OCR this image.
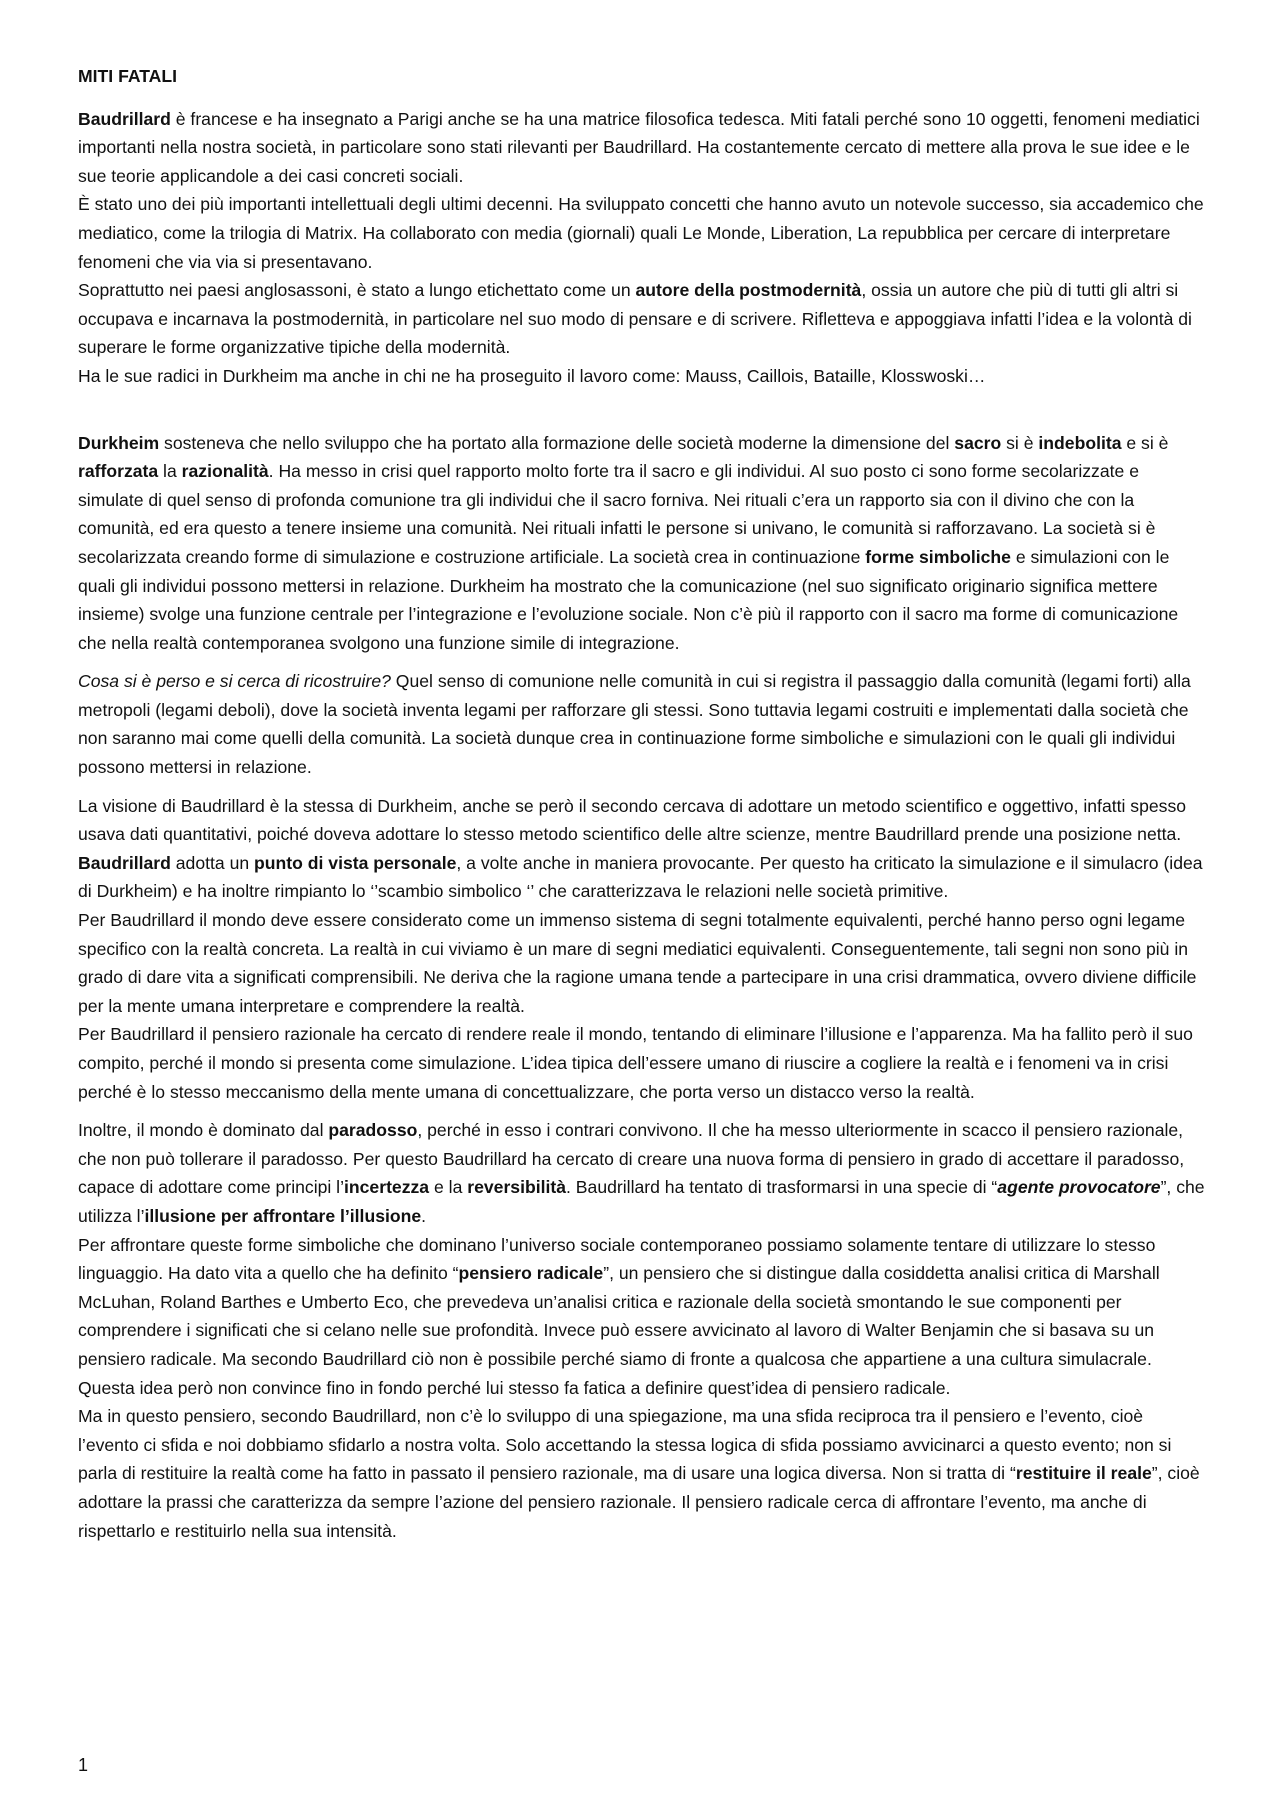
MITI FATALI

Baudrillard è francese e ha insegnato a Parigi anche se ha una matrice filosofica tedesca. Miti fatali perché sono 10 oggetti, fenomeni mediatici importanti nella nostra società, in particolare sono stati rilevanti per Baudrillard. Ha costantemente cercato di mettere alla prova le sue idee e le sue teorie applicandole a dei casi concreti sociali.

È stato uno dei più importanti intellettuali degli ultimi decenni. Ha sviluppato concetti che hanno avuto un notevole successo, sia accademico che mediatico, come la trilogia di Matrix. Ha collaborato con media (giornali) quali Le Monde, Liberation, La repubblica per cercare di interpretare fenomeni che via via si presentavano.

Soprattutto nei paesi anglosassoni, è stato a lungo etichettato come un autore della postmodernità, ossia un autore che più di tutti gli altri si occupava e incarnava la postmodernità, in particolare nel suo modo di pensare e di scrivere. Rifletteva e appoggiava infatti l’idea e la volontà di superare le forme organizzative tipiche della modernità.

Ha le sue radici in Durkheim ma anche in chi ne ha proseguito il lavoro come: Mauss, Caillois, Bataille, Klosswoski…

Durkheim sosteneva che nello sviluppo che ha portato alla formazione delle società moderne la dimensione del sacro si è indebolita e si è rafforzata la razionalità. Ha messo in crisi quel rapporto molto forte tra il sacro e gli individui. Al suo posto ci sono forme secolarizzate e simulate di quel senso di profonda comunione tra gli individui che il sacro forniva. Nei rituali c’era un rapporto sia con il divino che con la comunità, ed era questo a tenere insieme una comunità. Nei rituali infatti le persone si univano, le comunità si rafforzavano. La società si è secolarizzata creando forme di simulazione e costruzione artificiale. La società crea in continuazione forme simboliche e simulazioni con le quali gli individui possono mettersi in relazione. Durkheim ha mostrato che la comunicazione (nel suo significato originario significa mettere insieme) svolge una funzione centrale per l’integrazione e l’evoluzione sociale. Non c’è più il rapporto con il sacro ma forme di comunicazione che nella realtà contemporanea svolgono una funzione simile di integrazione.

Cosa si è perso e si cerca di ricostruire? Quel senso di comunione nelle comunità in cui si registra il passaggio dalla comunità (legami forti) alla metropoli (legami deboli), dove la società inventa legami per rafforzare gli stessi. Sono tuttavia legami costruiti e implementati dalla società che non saranno mai come quelli della comunità. La società dunque crea in continuazione forme simboliche e simulazioni con le quali gli individui possono mettersi in relazione.

La visione di Baudrillard è la stessa di Durkheim, anche se però il secondo cercava di adottare un metodo scientifico e oggettivo, infatti spesso usava dati quantitativi, poiché doveva adottare lo stesso metodo scientifico delle altre scienze, mentre Baudrillard prende una posizione netta.

Baudrillard adotta un punto di vista personale, a volte anche in maniera provocante. Per questo ha criticato la simulazione e il simulacro (idea di Durkheim) e ha inoltre rimpianto lo ‘’scambio simbolico ‘’ che caratterizzava le relazioni nelle società primitive.

Per Baudrillard il mondo deve essere considerato come un immenso sistema di segni totalmente equivalenti, perché hanno perso ogni legame specifico con la realtà concreta. La realtà in cui viviamo è un mare di segni mediatici equivalenti. Conseguentemente, tali segni non sono più in grado di dare vita a significati comprensibili. Ne deriva che la ragione umana tende a partecipare in una crisi drammatica, ovvero diviene difficile per la mente umana interpretare e comprendere la realtà.

Per Baudrillard il pensiero razionale ha cercato di rendere reale il mondo, tentando di eliminare l’illusione e l’apparenza. Ma ha fallito però il suo compito, perché il mondo si presenta come simulazione. L’idea tipica dell’essere umano di riuscire a cogliere la realtà e i fenomeni va in crisi perché è lo stesso meccanismo della mente umana di concettualizzare, che porta verso un distacco verso la realtà.

Inoltre, il mondo è dominato dal paradosso, perché in esso i contrari convivono. Il che ha messo ulteriormente in scacco il pensiero razionale, che non può tollerare il paradosso. Per questo Baudrillard ha cercato di creare una nuova forma di pensiero in grado di accettare il paradosso, capace di adottare come principi l’incertezza e la reversibilità. Baudrillard ha tentato di trasformarsi in una specie di “agente provocatore”, che utilizza l’illusione per affrontare l’illusione.

Per affrontare queste forme simboliche che dominano l’universo sociale contemporaneo possiamo solamente tentare di utilizzare lo stesso linguaggio. Ha dato vita a quello che ha definito “pensiero radicale”, un pensiero che si distingue dalla cosiddetta analisi critica di Marshall McLuhan, Roland Barthes e Umberto Eco, che prevedeva un’analisi critica e razionale della società smontando le sue componenti per comprendere i significati che si celano nelle sue profondità. Invece può essere avvicinato al lavoro di Walter Benjamin che si basava su un pensiero radicale. Ma secondo Baudrillard ciò non è possibile perché siamo di fronte a qualcosa che appartiene a una cultura simulacrale. Questa idea però non convince fino in fondo perché lui stesso fa fatica a definire quest’idea di pensiero radicale.

Ma in questo pensiero, secondo Baudrillard, non c’è lo sviluppo di una spiegazione, ma una sfida reciproca tra il pensiero e l’evento, cioè l’evento ci sfida e noi dobbiamo sfidarlo a nostra volta. Solo accettando la stessa logica di sfida possiamo avvicinarci a questo evento; non si parla di restituire la realtà come ha fatto in passato il pensiero razionale, ma di usare una logica diversa. Non si tratta di “restituire il reale”, cioè adottare la prassi che caratterizza da sempre l’azione del pensiero razionale. Il pensiero radicale cerca di affrontare l’evento, ma anche di rispettarlo e restituirlo nella sua intensità.

1
